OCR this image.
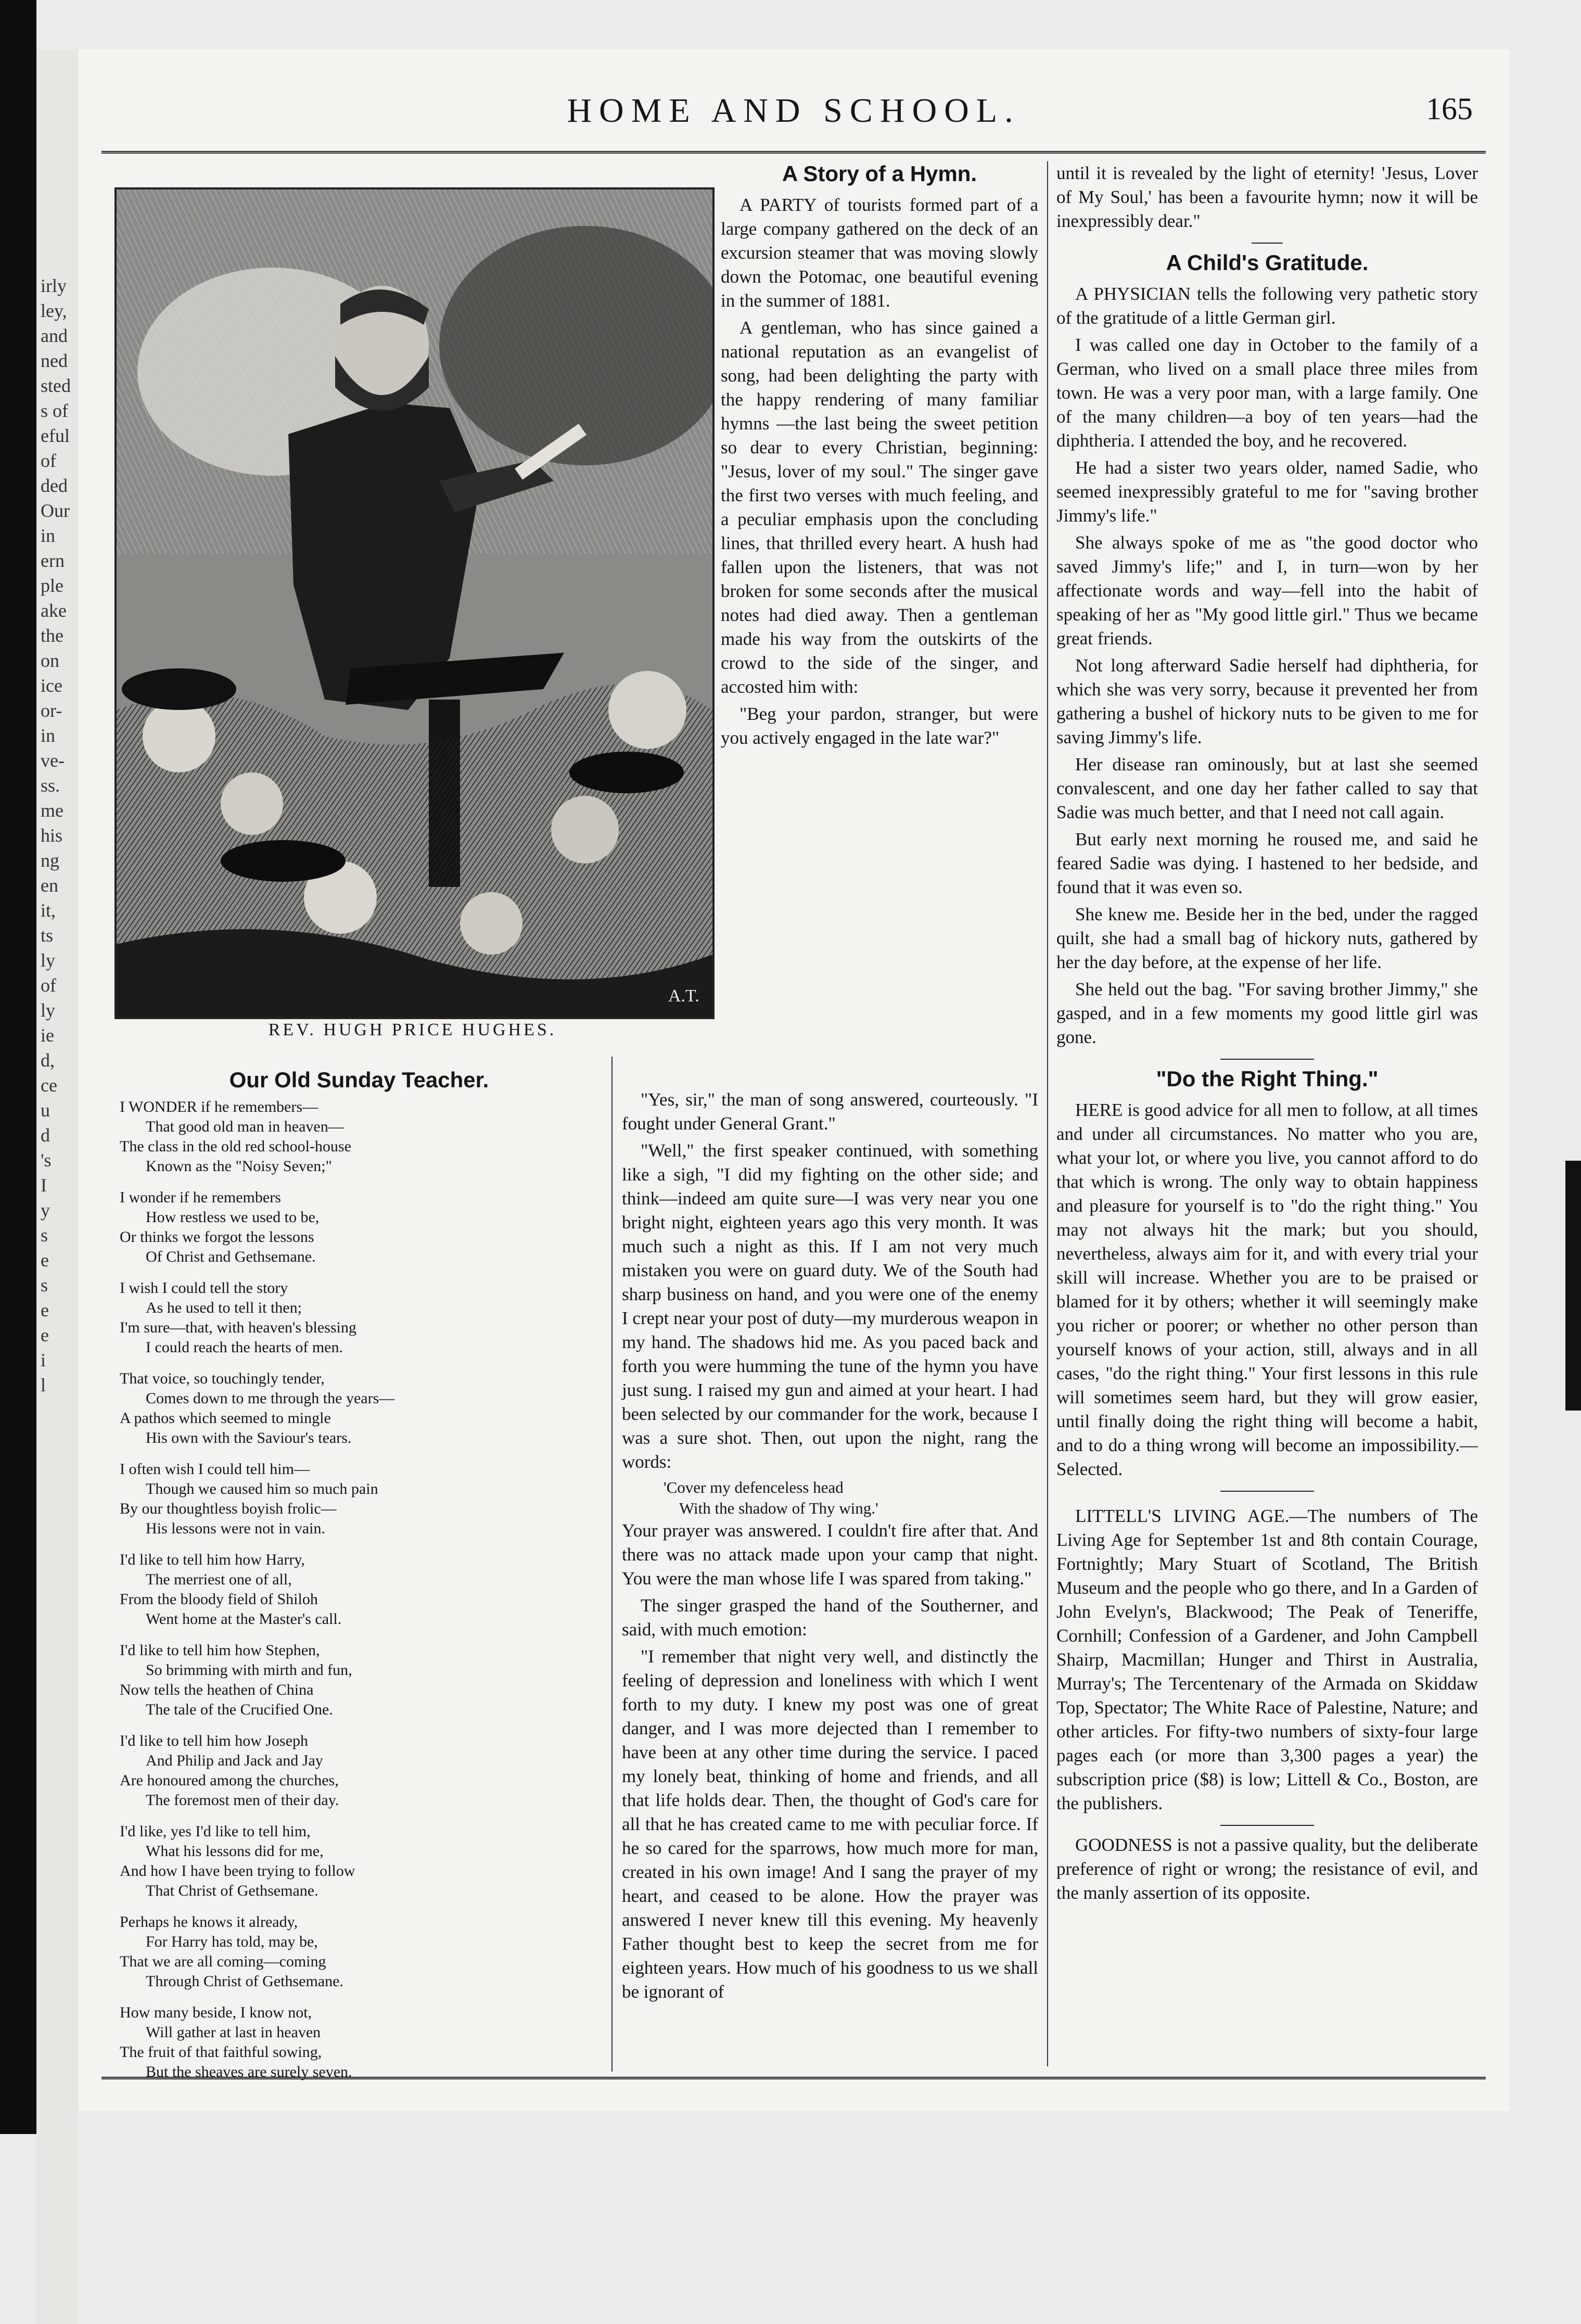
irly
ley,
and
ned
sted
s of
eful
of
ded
Our
in
ern
ple
ake
the
on
ice
or-
in
ve-
ss.
me
his
ng
en
it,
ts
ly
of
ly
ie
d,
ce
u
d
's
I
y
s
e
s
e
e
i
l
HOME AND SCHOOL.	165
A.T.
REV. HUGH PRICE HUGHES.
Our Old Sunday Teacher.
I WONDER if he remembers—
That good old man in heaven—
The class in the old red school-house
Known as the "Noisy Seven;"
I wonder if he remembers
How restless we used to be,
Or thinks we forgot the lessons
Of Christ and Gethsemane.
I wish I could tell the story
As he used to tell it then;
I'm sure—that, with heaven's blessing
I could reach the hearts of men.
That voice, so touchingly tender,
Comes down to me through the years—
A pathos which seemed to mingle
His own with the Saviour's tears.
I often wish I could tell him—
Though we caused him so much pain
By our thoughtless boyish frolic—
His lessons were not in vain.
I'd like to tell him how Harry,
The merriest one of all,
From the bloody field of Shiloh
Went home at the Master's call.
I'd like to tell him how Stephen,
So brimming with mirth and fun,
Now tells the heathen of China
The tale of the Crucified One.
I'd like to tell him how Joseph
And Philip and Jack and Jay
Are honoured among the churches,
The foremost men of their day.
I'd like, yes I'd like to tell him,
What his lessons did for me,
And how I have been trying to follow
That Christ of Gethsemane.
Perhaps he knows it already,
For Harry has told, may be,
That we are all coming—coming
Through Christ of Gethsemane.
How many beside, I know not,
Will gather at last in heaven
The fruit of that faithful sowing,
But the sheaves are surely seven.
A Story of a Hymn.

A PARTY of tourists formed part of a large company gathered on the deck of an excursion steamer that was moving slowly down the Potomac, one beautiful evening in the summer of 1881.

A gentleman, who has since gained a national reputation as an evangelist of song, had been delighting the party with the happy rendering of many familiar hymns —the last being the sweet petition so dear to every Christian, beginning: "Jesus, lover of my soul." The singer gave the first two verses with much feeling, and a peculiar emphasis upon the concluding lines, that thrilled every heart. A hush had fallen upon the listeners, that was not broken for some seconds after the musical notes had died away. Then a gentleman made his way from the outskirts of the crowd to the side of the singer, and accosted him with:

"Beg your pardon, stranger, but were you actively engaged in the late war?"

"Yes, sir," the man of song answered, courteously. "I fought under General Grant."

"Well," the first speaker continued, with something like a sigh, "I did my fighting on the other side; and think—indeed am quite sure—I was very near you one bright night, eighteen years ago this very month. It was much such a night as this. If I am not very much mistaken you were on guard duty. We of the South had sharp business on hand, and you were one of the enemy I crept near your post of duty—my murderous weapon in my hand. The shadows hid me. As you paced back and forth you were humming the tune of the hymn you have just sung. I raised my gun and aimed at your heart. I had been selected by our commander for the work, because I was a sure shot. Then, out upon the night, rang the words:

'Cover my defenceless head
With the shadow of Thy wing.'

Your prayer was answered. I couldn't fire after that. And there was no attack made upon your camp that night. You were the man whose life I was spared from taking."

The singer grasped the hand of the Southerner, and said, with much emotion:

"I remember that night very well, and distinctly the feeling of depression and loneliness with which I went forth to my duty. I knew my post was one of great danger, and I was more dejected than I remember to have been at any other time during the service. I paced my lonely beat, thinking of home and friends, and all that life holds dear. Then, the thought of God's care for all that he has created came to me with peculiar force. If he so cared for the sparrows, how much more for man, created in his own image! And I sang the prayer of my heart, and ceased to be alone. How the prayer was answered I never knew till this evening. My heavenly Father thought best to keep the secret from me for eighteen years. How much of his goodness to us we shall be ignorant of

until it is revealed by the light of eternity! 'Jesus, Lover of My Soul,' has been a favourite hymn; now it will be inexpressibly dear."

A Child's Gratitude.

A PHYSICIAN tells the following very pathetic story of the gratitude of a little German girl.

I was called one day in October to the family of a German, who lived on a small place three miles from town. He was a very poor man, with a large family. One of the many children—a boy of ten years—had the diphtheria. I attended the boy, and he recovered.

He had a sister two years older, named Sadie, who seemed inexpressibly grateful to me for "saving brother Jimmy's life."

She always spoke of me as "the good doctor who saved Jimmy's life;" and I, in turn—won by her affectionate words and way—fell into the habit of speaking of her as "My good little girl." Thus we became great friends.

Not long afterward Sadie herself had diphtheria, for which she was very sorry, because it prevented her from gathering a bushel of hickory nuts to be given to me for saving Jimmy's life.

Her disease ran ominously, but at last she seemed convalescent, and one day her father called to say that Sadie was much better, and that I need not call again.

But early next morning he roused me, and said he feared Sadie was dying. I hastened to her bedside, and found that it was even so.

She knew me. Beside her in the bed, under the ragged quilt, she had a small bag of hickory nuts, gathered by her the day before, at the expense of her life.

She held out the bag. "For saving brother Jimmy," she gasped, and in a few moments my good little girl was gone.

"Do the Right Thing."

HERE is good advice for all men to follow, at all times and under all circumstances. No matter who you are, what your lot, or where you live, you cannot afford to do that which is wrong. The only way to obtain happiness and pleasure for yourself is to "do the right thing." You may not always hit the mark; but you should, nevertheless, always aim for it, and with every trial your skill will increase. Whether you are to be praised or blamed for it by others; whether it will seemingly make you richer or poorer; or whether no other person than yourself knows of your action, still, always and in all cases, "do the right thing." Your first lessons in this rule will sometimes seem hard, but they will grow easier, until finally doing the right thing will become a habit, and to do a thing wrong will become an impossibility.—Selected.

LITTELL'S LIVING AGE.—The numbers of The Living Age for September 1st and 8th contain Courage, Fortnightly; Mary Stuart of Scotland, The British Museum and the people who go there, and In a Garden of John Evelyn's, Blackwood; The Peak of Teneriffe, Cornhill; Confession of a Gardener, and John Campbell Shairp, Macmillan; Hunger and Thirst in Australia, Murray's; The Tercentenary of the Armada on Skiddaw Top, Spectator; The White Race of Palestine, Nature; and other articles. For fifty-two numbers of sixty-four large pages each (or more than 3,300 pages a year) the subscription price ($8) is low; Littell & Co., Boston, are the publishers.

GOODNESS is not a passive quality, but the deliberate preference of right or wrong; the resistance of evil, and the manly assertion of its opposite.
